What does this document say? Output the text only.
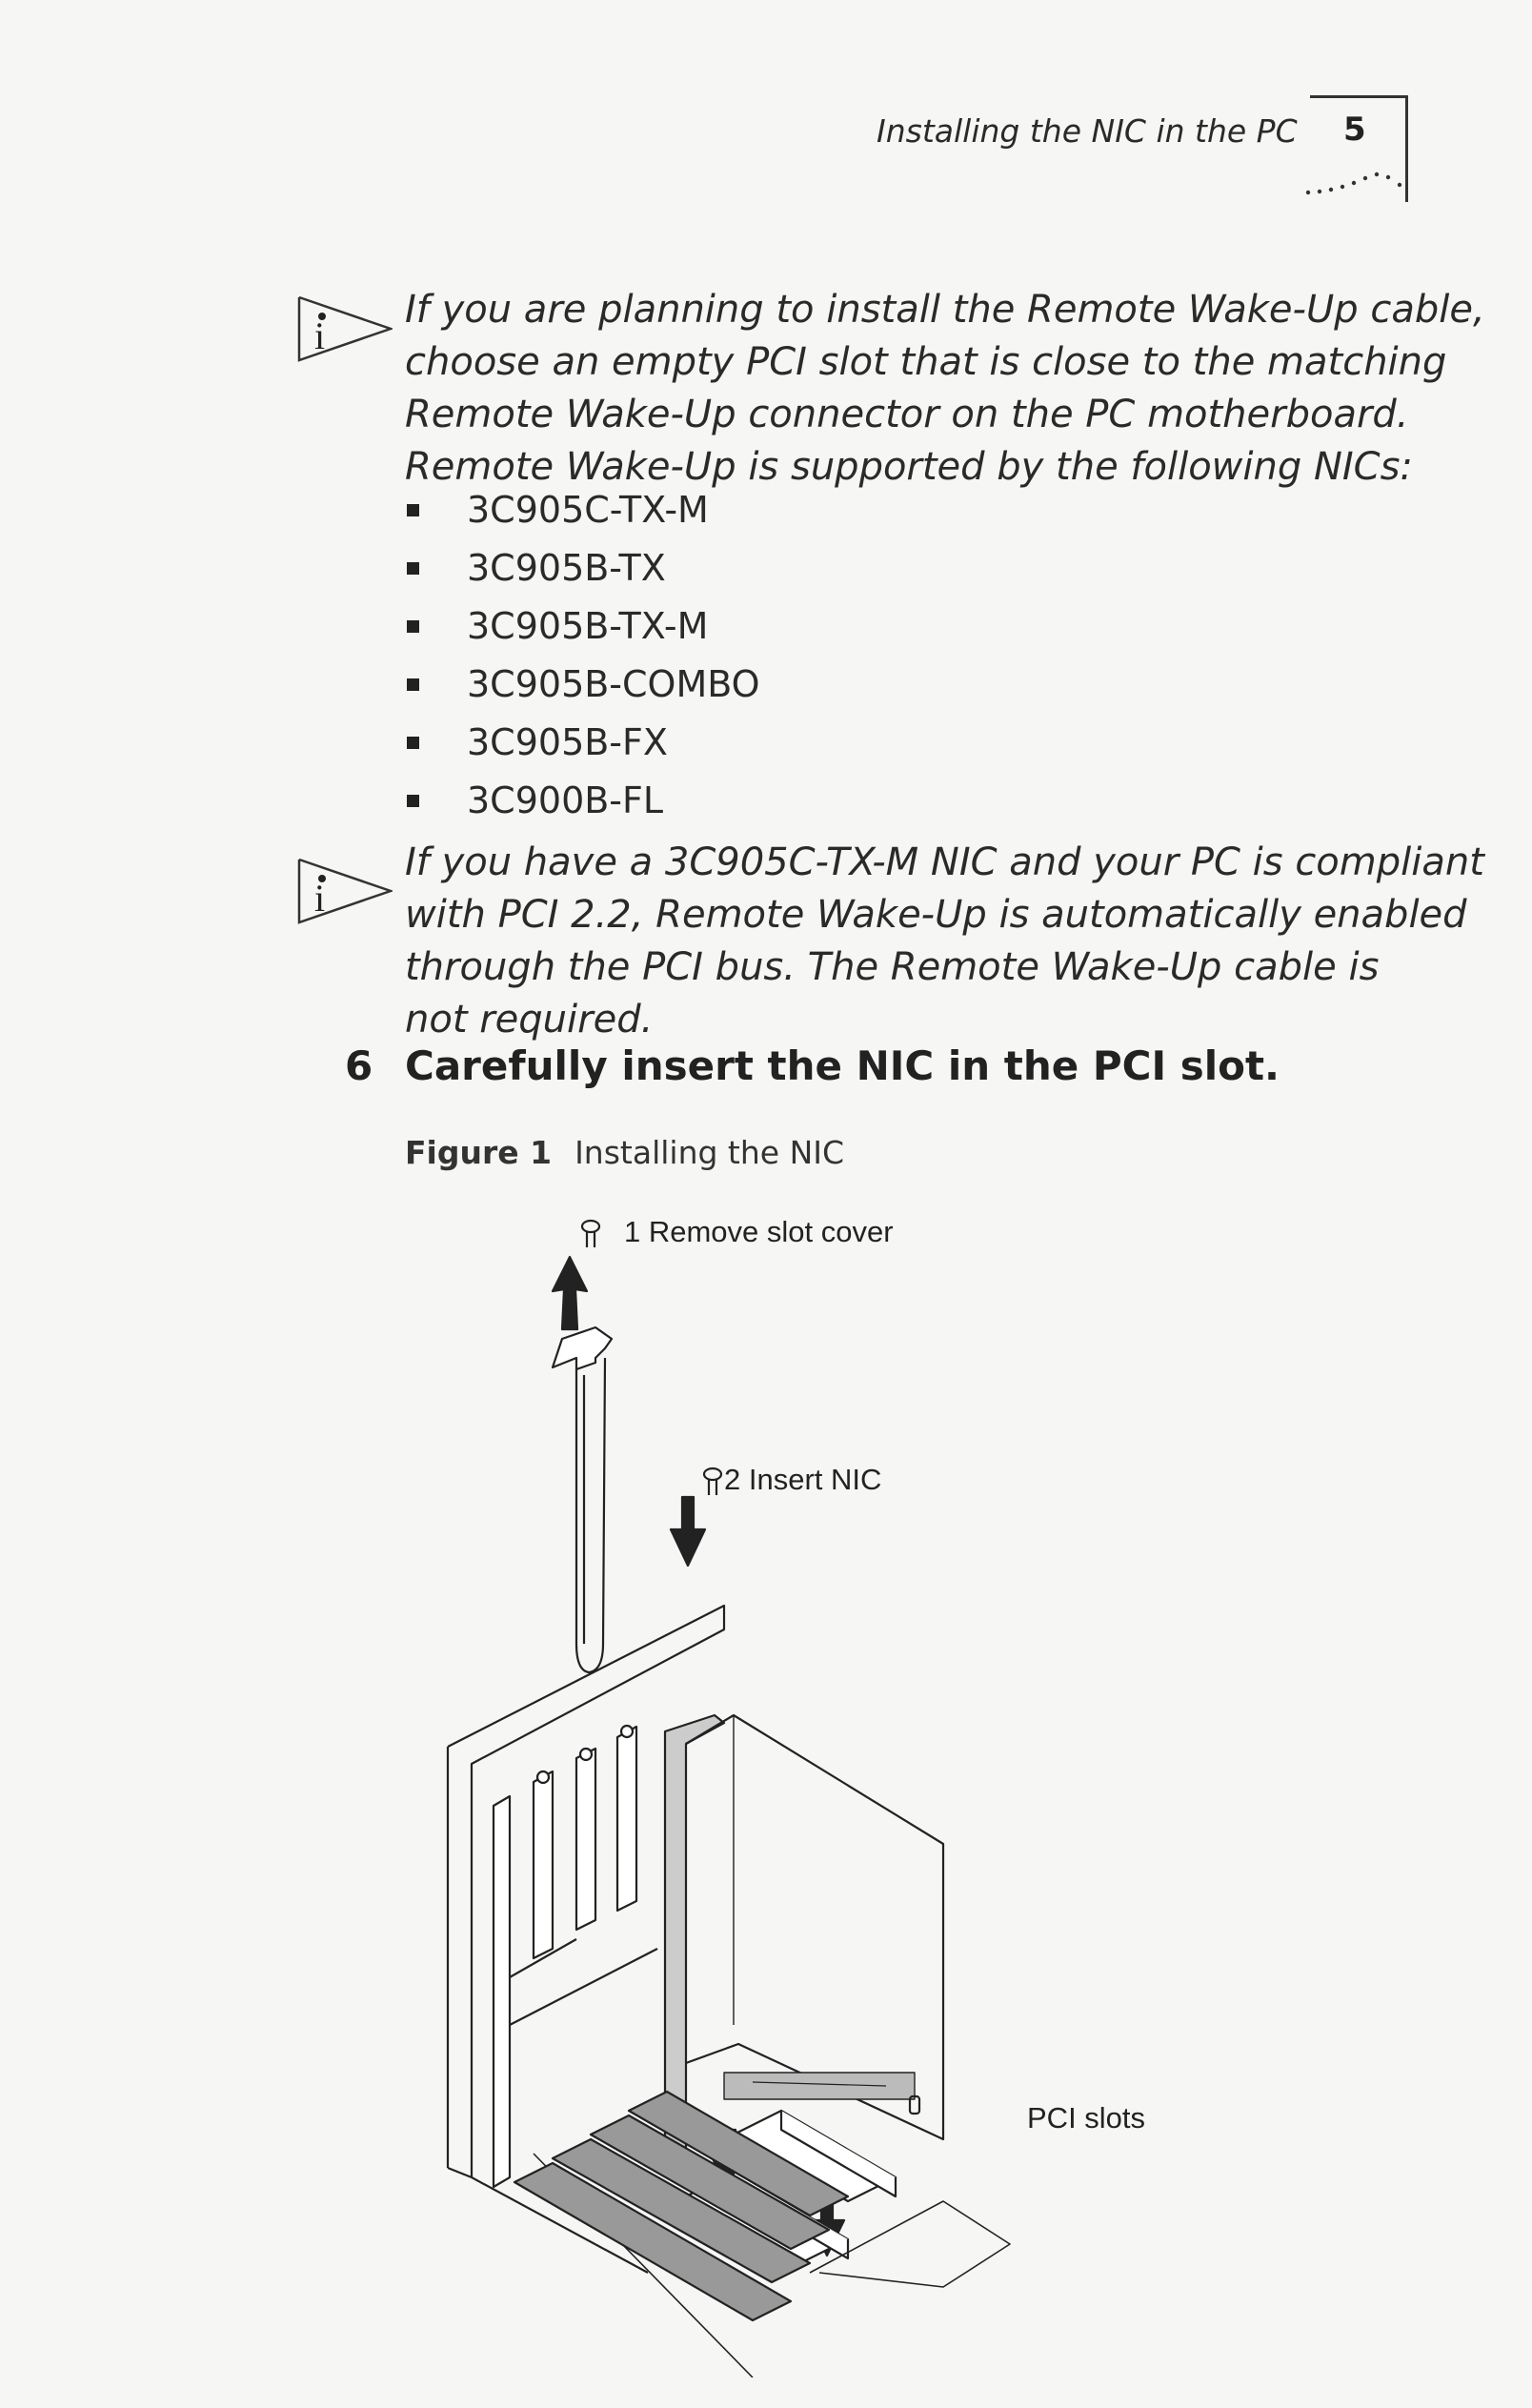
Installing the NIC in the PC 5
i
If you are planning to install the Remote Wake-Up cable,
choose an empty PCI slot that is close to the matching
Remote Wake-Up connector on the PC motherboard.
Remote Wake-Up is supported by the following NICs:
3C905C-TX-M
3C905B-TX
3C905B-TX-M
3C905B-COMBO
3C905B-FX
3C900B-FL
i
If you have a 3C905C-TX-M NIC and your PC is compliant
with PCI 2.2, Remote Wake-Up is automatically enabled
through the PCI bus. The Remote Wake-Up cable is
not required.
6 Carefully insert the NIC in the PCI slot.
Figure 1 Installing the NIC
1 Remove slot cover
2 Insert NIC
PCI slots
